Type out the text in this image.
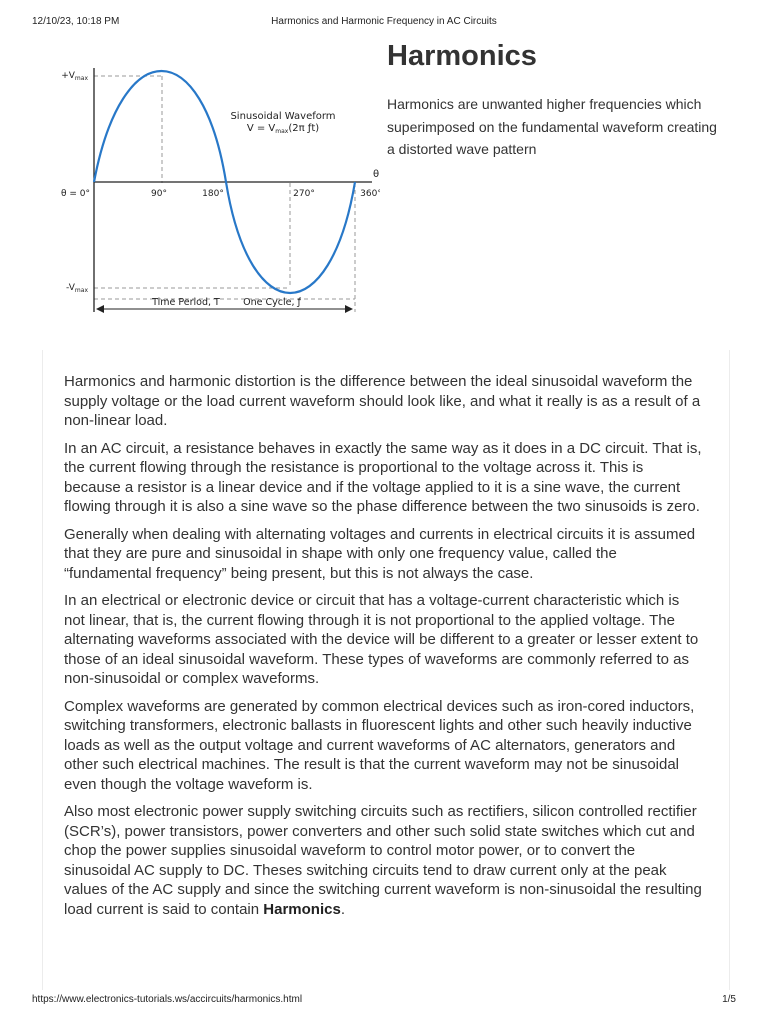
12/10/23, 10:18 PM	Harmonics and Harmonic Frequency in AC Circuits
$+V_{max}$
$-V_{max}$
θ = 0°	90°	180°	270°	360°
θ
Sinusoidal Waveform
$V = V_{max}(2\pi$ ƒt)
Time Period, T One Cycle, ƒ
Harmonics
Harmonics are unwanted higher frequencies which superimposed on the fundamental waveform creating a distorted wave pattern

Harmonics and harmonic distortion is the difference between the ideal sinusoidal waveform the supply voltage or the load current waveform should look like, and what it really is as a result of a non-linear load.

In an AC circuit, a resistance behaves in exactly the same way as it does in a DC circuit. That is, the current flowing through the resistance is proportional to the voltage across it. This is because a resistor is a linear device and if the voltage applied to it is a sine wave, the current flowing through it is also a sine wave so the phase difference between the two sinusoids is zero.

Generally when dealing with alternating voltages and currents in electrical circuits it is assumed that they are pure and sinusoidal in shape with only one frequency value, called the “fundamental frequency” being present, but this is not always the case.

In an electrical or electronic device or circuit that has a voltage-current characteristic which is not linear, that is, the current flowing through it is not proportional to the applied voltage. The alternating waveforms associated with the device will be different to a greater or lesser extent to those of an ideal sinusoidal waveform. These types of waveforms are commonly referred to as non-sinusoidal or complex waveforms.

Complex waveforms are generated by common electrical devices such as iron-cored inductors, switching transformers, electronic ballasts in fluorescent lights and other such heavily inductive loads as well as the output voltage and current waveforms of AC alternators, generators and other such electrical machines. The result is that the current waveform may not be sinusoidal even though the voltage waveform is.

Also most electronic power supply switching circuits such as rectifiers, silicon controlled rectifier (SCR’s), power transistors, power converters and other such solid state switches which cut and chop the power supplies sinusoidal waveform to control motor power, or to convert the sinusoidal AC supply to DC. Theses switching circuits tend to draw current only at the peak values of the AC supply and since the switching current waveform is non-sinusoidal the resulting load current is said to contain Harmonics.

https://www.electronics-tutorials.ws/accircuits/harmonics.html	1/5
